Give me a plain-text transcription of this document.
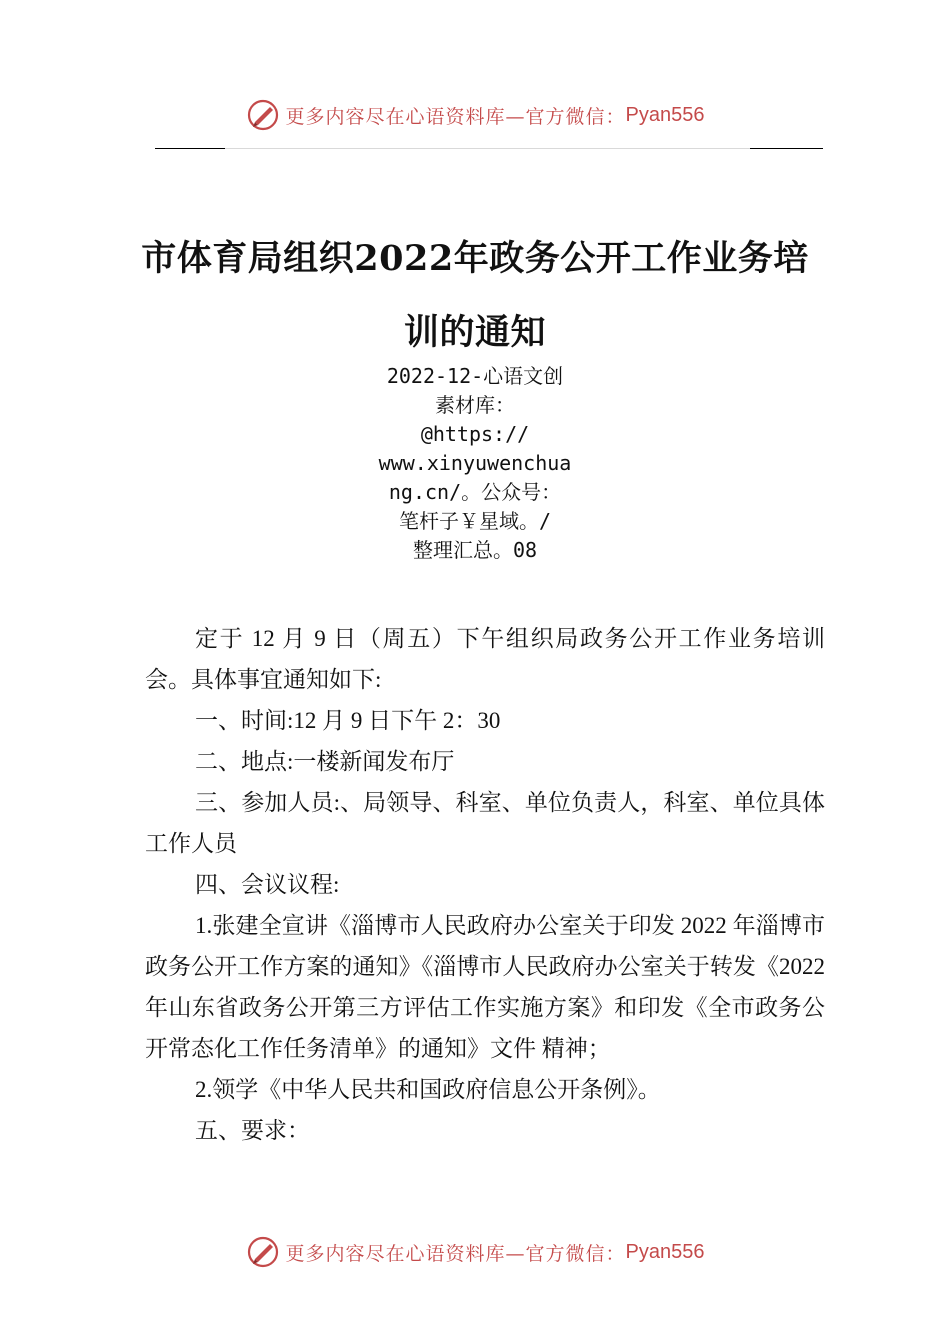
更多内容尽在心语资料库—官方微信： Pyan556
市体育局组织2022年政务公开工作业务培训的通知
2022-12-心语文创
素材库：
@https://
www.xinyuwenchua
ng.cn/。公众号：
笔杆子￥星域。/
整理汇总。08

定于 12 月 9 日（周五）下午组织局政务公开工作业务培训会。具体事宜通知如下:

一、时间:12 月 9 日下午 2：30

二、地点:一楼新闻发布厅

三、参加人员:、局领导、科室、单位负责人，科室、单位具体工作人员

四、会议议程:

1.张建全宣讲《淄博市人民政府办公室关于印发 2022 年淄博市政务公开工作方案的通知》《淄博市人民政府办公室关于转发《2022 年山东省政务公开第三方评估工作实施方案》和印发《全市政务公开常态化工作任务清单》的通知》文件 精神；

2.领学《中华人民共和国政府信息公开条例》。

五、要求：

更多内容尽在心语资料库—官方微信： Pyan556
